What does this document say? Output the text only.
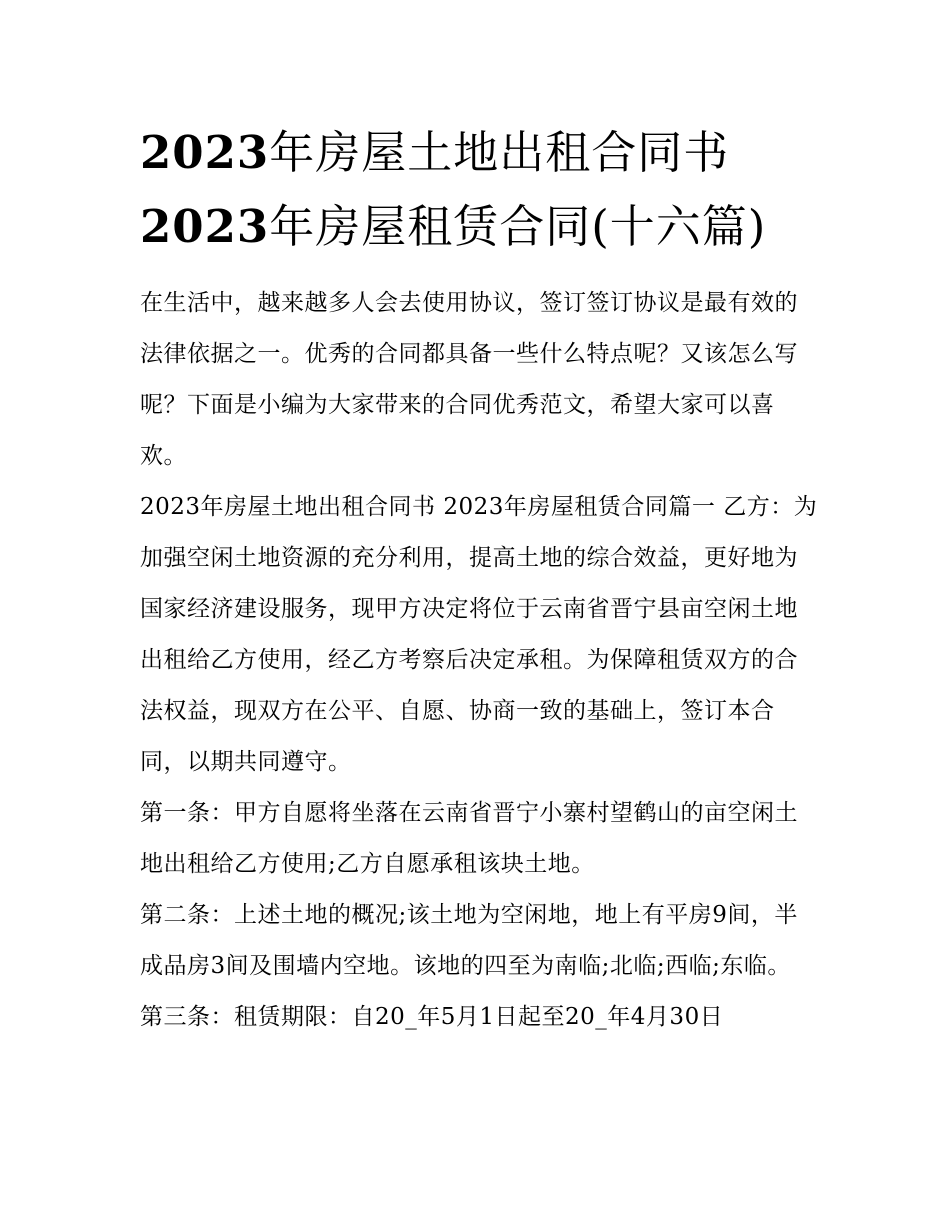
2023年房屋土地出租合同书
2023年房屋租赁合同(十六篇)

在生活中，越来越多人会去使用协议，签订签订协议是最有效的法律依据之一。优秀的合同都具备一些什么特点呢？又该怎么写呢？下面是小编为大家带来的合同优秀范文，希望大家可以喜欢。

2023年房屋土地出租合同书 2023年房屋租赁合同篇一 乙方：为加强空闲土地资源的充分利用，提高土地的综合效益，更好地为国家经济建设服务，现甲方决定将位于云南省晋宁县亩空闲土地出租给乙方使用，经乙方考察后决定承租。为保障租赁双方的合法权益，现双方在公平、自愿、协商一致的基础上，签订本合同，以期共同遵守。

第一条：甲方自愿将坐落在云南省晋宁小寨村望鹤山的亩空闲土地出租给乙方使用;乙方自愿承租该块土地。

第二条：上述土地的概况;该土地为空闲地，地上有平房9间，半成品房3间及围墙内空地。该地的四至为南临;北临;西临;东临。

第三条：租赁期限：自20_年5月1日起至20_年4月30日
